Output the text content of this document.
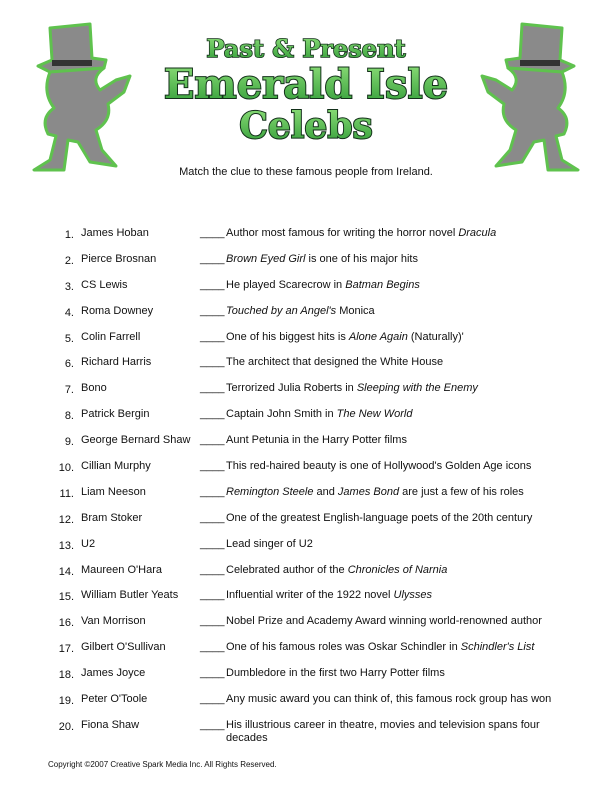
Past & Present
Emerald Isle
Celebs

Match the clue to these famous people from Ireland.

1. James Hoban	____ Author most famous for writing the horror novel Dracula
2. Pierce Brosnan	____ Brown Eyed Girl is one of his major hits
3. CS Lewis	____ He played Scarecrow in Batman Begins
4. Roma Downey	____ Touched by an Angel's Monica
5. Colin Farrell	____ One of his biggest hits is Alone Again (Naturally)'
6. Richard Harris	____ The architect that designed the White House
7. Bono	____ Terrorized Julia Roberts in Sleeping with the Enemy
8. Patrick Bergin	____ Captain John Smith in The New World
9. George Bernard Shaw ____ Aunt Petunia in the Harry Potter films
10. Cillian Murphy	____ This red-haired beauty is one of Hollywood's Golden Age icons
11. Liam Neeson	____ Remington Steele and James Bond are just a few of his roles
12. Bram Stoker	____ One of the greatest English-language poets of the 20th century
13. U2	____ Lead singer of U2
14. Maureen O'Hara	____ Celebrated author of the Chronicles of Narnia
15. William Butler Yeats ____ Influential writer of the 1922 novel Ulysses
16. Van Morrison	____ Nobel Prize and Academy Award winning world-renowned author
17. Gilbert O'Sullivan	____ One of his famous roles was Oskar Schindler in Schindler's List
18. James Joyce	____ Dumbledore in the first two Harry Potter films
19. Peter O'Toole	____ Any music award you can think of, this famous rock group has won
20. Fiona Shaw	____ His illustrious career in theatre, movies and television spans four decades

Copyright ©2007 Creative Spark Media Inc. All Rights Reserved.
